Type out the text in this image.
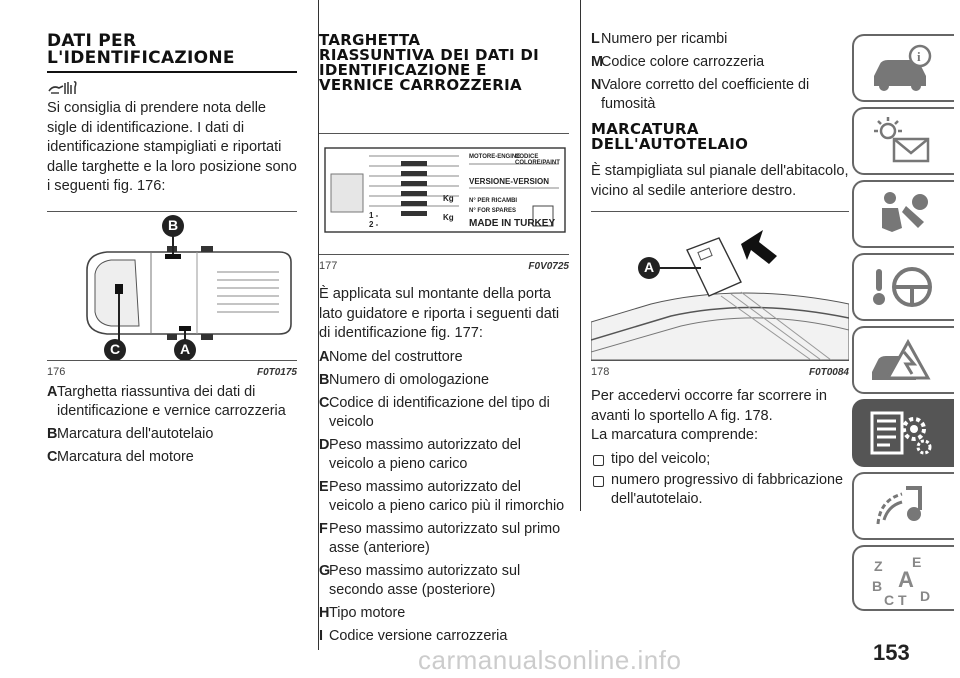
DATI PER
L'IDENTIFICAZIONE

Si consiglia di prendere nota delle sigle di identificazione. I dati di identificazione stampigliati e riportati dalle targhette e la loro posizione sono i seguenti fig. 176:

B
C	A
176	F0T0175
ATarghetta riassuntiva dei dati di identificazione e vernice carrozzeria
BMarcatura dell'autotelaio
CMarcatura del motore
TARGHETTA
RIASSUNTIVA DEI DATI DI
IDENTIFICAZIONE E
VERNICE CARROZZERIA
MOTORE-ENGINE
CODICE COLORE/PAINT
VERSIONE-VERSION
Kg
Kg
1 -
2 -
N° PER RICAMBI
N° FOR SPARES
MADE IN TURKEY
177	F0V0725

È applicata sul montante della porta lato guidatore e riporta i seguenti dati di identificazione fig. 177:

ANome del costruttore
BNumero di omologazione
CCodice di identificazione del tipo di veicolo
DPeso massimo autorizzato del veicolo a pieno carico
EPeso massimo autorizzato del veicolo a pieno carico più il rimorchio
FPeso massimo autorizzato sul primo asse (anteriore)
GPeso massimo autorizzato sul secondo asse (posteriore)
HTipo motore
I Codice versione carrozzeria
LNumero per ricambi
MCodice colore carrozzeria
NValore corretto del coefficiente di fumosità
MARCATURA
DELL'AUTOTELAIO

È stampigliata sul pianale dell'abitacolo, vicino al sedile anteriore destro.

A
178	F0T0084

Per accedervi occorre far scorrere in avanti lo sportello A fig. 178.

La marcatura comprende:

tipo del veicolo;
numero progressivo di fabbricazione dell'autotelaio.
i
Z E
B A
C T D
carmanualsonline.info	153
